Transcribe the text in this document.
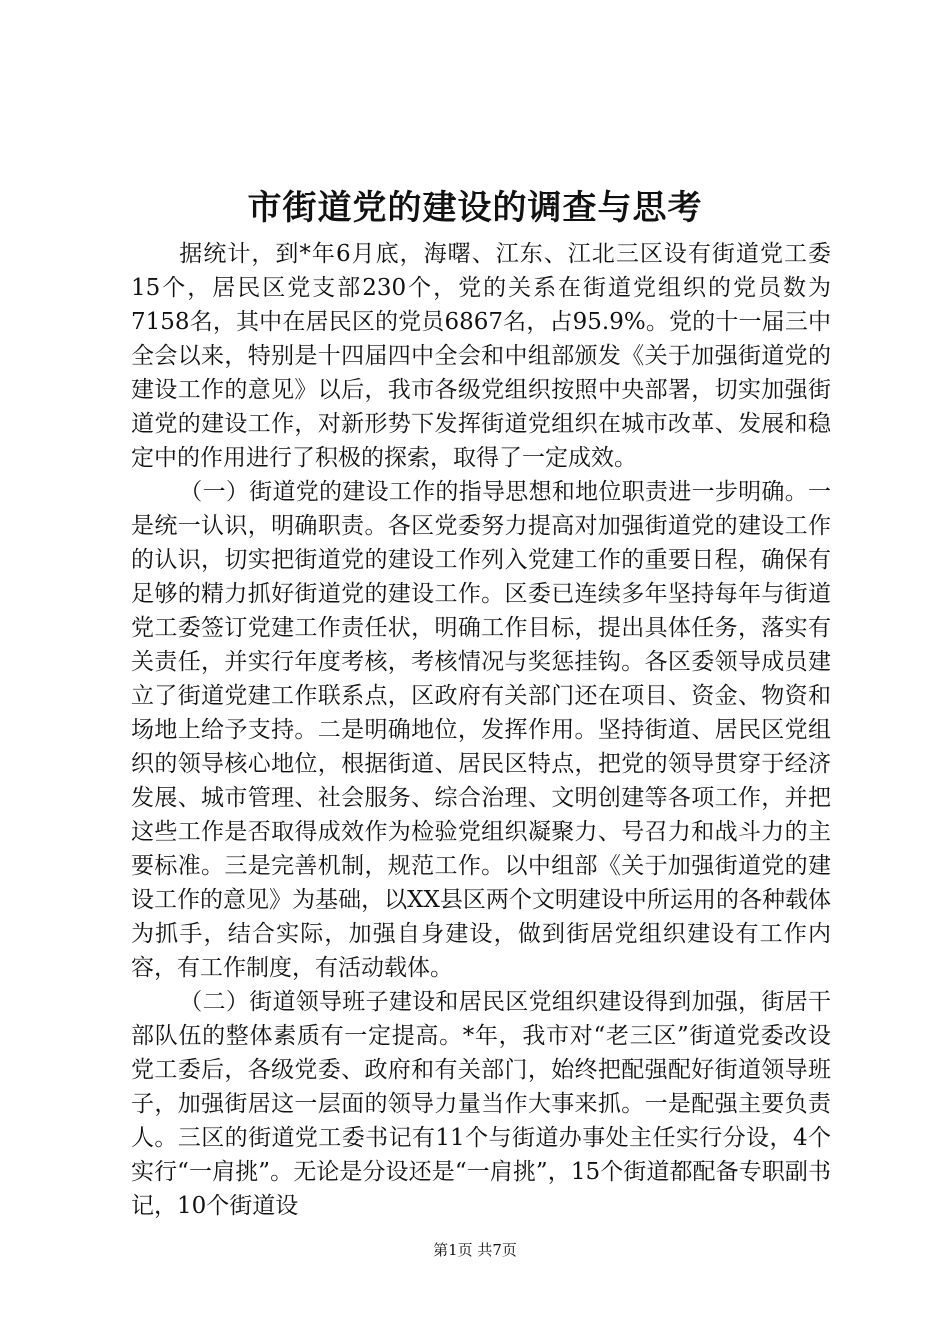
市街道党的建设的调查与思考

据统计，到*年6月底，海曙、江东、江北三区设有街道党工委15个，居民区党支部230个，党的关系在街道党组织的党员数为7158名，其中在居民区的党员6867名，占95.9%。党的十一届三中全会以来，特别是十四届四中全会和中组部颁发《关于加强街道党的建设工作的意见》以后，我市各级党组织按照中央部署，切实加强街道党的建设工作，对新形势下发挥街道党组织在城市改革、发展和稳定中的作用进行了积极的探索，取得了一定成效。

（一）街道党的建设工作的指导思想和地位职责进一步明确。一是统一认识，明确职责。各区党委努力提高对加强街道党的建设工作的认识，切实把街道党的建设工作列入党建工作的重要日程，确保有足够的精力抓好街道党的建设工作。区委已连续多年坚持每年与街道党工委签订党建工作责任状，明确工作目标，提出具体任务，落实有关责任，并实行年度考核，考核情况与奖惩挂钩。各区委领导成员建立了街道党建工作联系点，区政府有关部门还在项目、资金、物资和场地上给予支持。二是明确地位，发挥作用。坚持街道、居民区党组织的领导核心地位，根据街道、居民区特点，把党的领导贯穿于经济发展、城市管理、社会服务、综合治理、文明创建等各项工作，并把这些工作是否取得成效作为检验党组织凝聚力、号召力和战斗力的主要标准。三是完善机制，规范工作。以中组部《关于加强街道党的建设工作的意见》为基础，以XX县区两个文明建设中所运用的各种载体为抓手，结合实际，加强自身建设，做到街居党组织建设有工作内容，有工作制度，有活动载体。

（二）街道领导班子建设和居民区党组织建设得到加强，街居干部队伍的整体素质有一定提高。*年，我市对“老三区”街道党委改设党工委后，各级党委、政府和有关部门，始终把配强配好街道领导班子，加强街居这一层面的领导力量当作大事来抓。一是配强主要负责人。三区的街道党工委书记有11个与街道办事处主任实行分设，4个实行“一肩挑”。无论是分设还是“一肩挑”，15个街道都配备专职副书记，10个街道设

第1页 共7页
